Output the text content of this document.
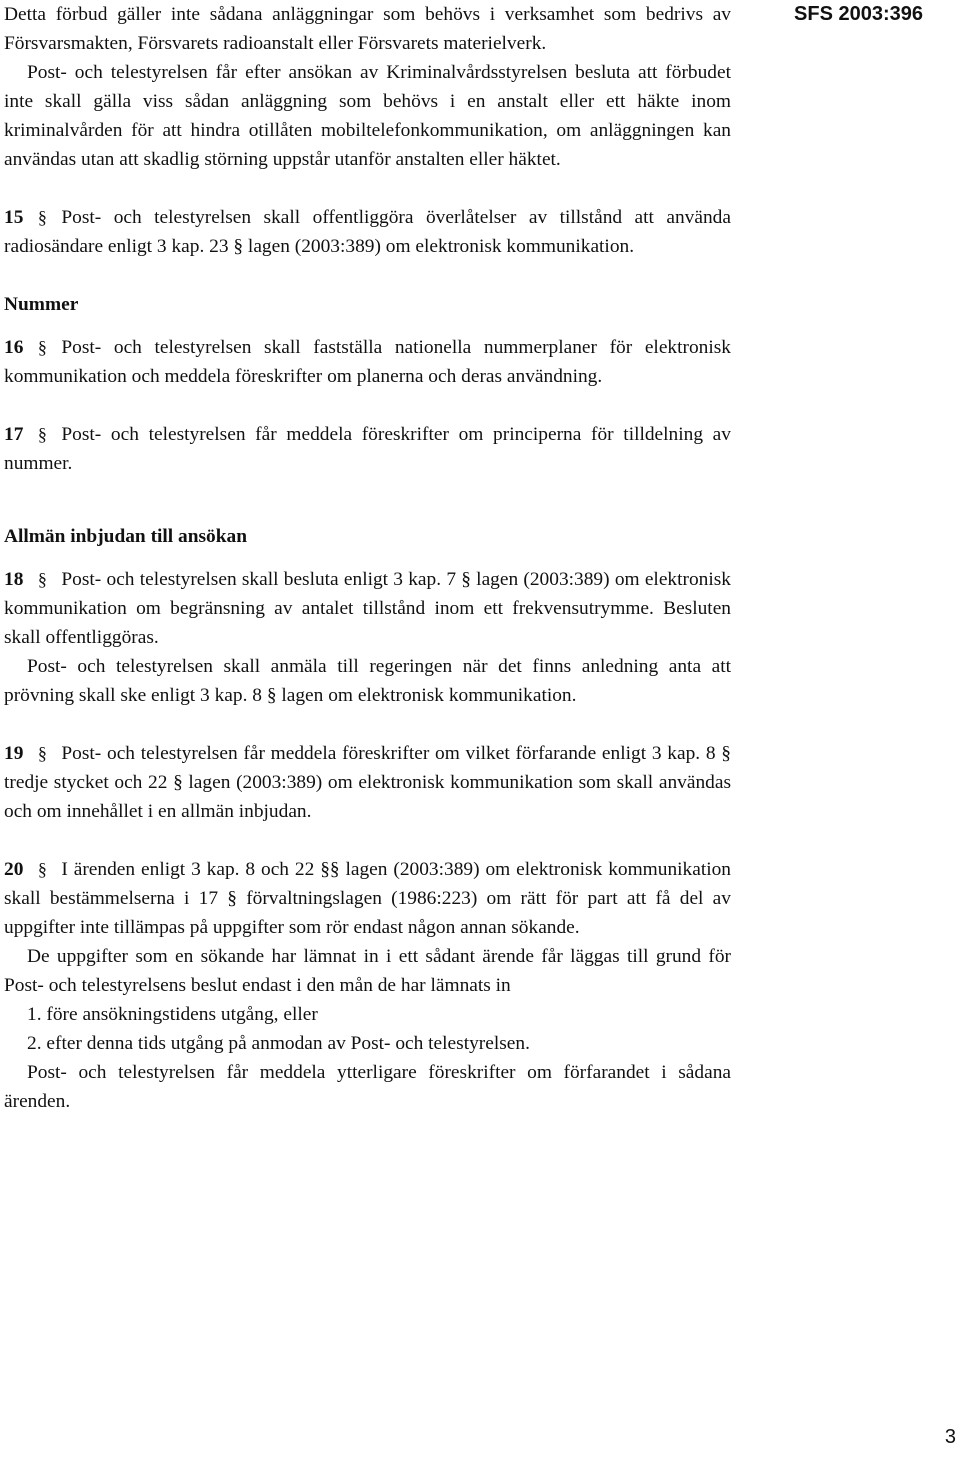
Detta förbud gäller inte sådana anläggningar som behövs i verksamhet som bedrivs av Försvarsmakten, Försvarets radioanstalt eller Försvarets materielverk.

Post- och telestyrelsen får efter ansökan av Kriminalvårdsstyrelsen besluta att förbudet inte skall gälla viss sådan anläggning som behövs i en anstalt eller ett häkte inom kriminalvården för att hindra otillåten mobiltelefonkommunikation, om anläggningen kan användas utan att skadlig störning uppstår utanför anstalten eller häktet.

15 § Post- och telestyrelsen skall offentliggöra överlåtelser av tillstånd att använda radiosändare enligt 3 kap. 23 § lagen (2003:389) om elektronisk kommunikation.

Nummer

16 § Post- och telestyrelsen skall fastställa nationella nummerplaner för elektronisk kommunikation och meddela föreskrifter om planerna och deras användning.

17 § Post- och telestyrelsen får meddela föreskrifter om principerna för tilldelning av nummer.

Allmän inbjudan till ansökan

18 § Post- och telestyrelsen skall besluta enligt 3 kap. 7 § lagen (2003:389) om elektronisk kommunikation om begränsning av antalet tillstånd inom ett frekvensutrymme. Besluten skall offentliggöras.

Post- och telestyrelsen skall anmäla till regeringen när det finns anledning anta att prövning skall ske enligt 3 kap. 8 § lagen om elektronisk kommunikation.

19 § Post- och telestyrelsen får meddela föreskrifter om vilket förfarande enligt 3 kap. 8 § tredje stycket och 22 § lagen (2003:389) om elektronisk kommunikation som skall användas och om innehållet i en allmän inbjudan.

20 § I ärenden enligt 3 kap. 8 och 22 §§ lagen (2003:389) om elektronisk kommunikation skall bestämmelserna i 17 § förvaltningslagen (1986:223) om rätt för part att få del av uppgifter inte tillämpas på uppgifter som rör endast någon annan sökande.

De uppgifter som en sökande har lämnat in i ett sådant ärende får läggas till grund för Post- och telestyrelsens beslut endast i den mån de har lämnats in

1. före ansökningstidens utgång, eller

2. efter denna tids utgång på anmodan av Post- och telestyrelsen.

Post- och telestyrelsen får meddela ytterligare föreskrifter om förfarandet i sådana ärenden.

SFS 2003:396
3
